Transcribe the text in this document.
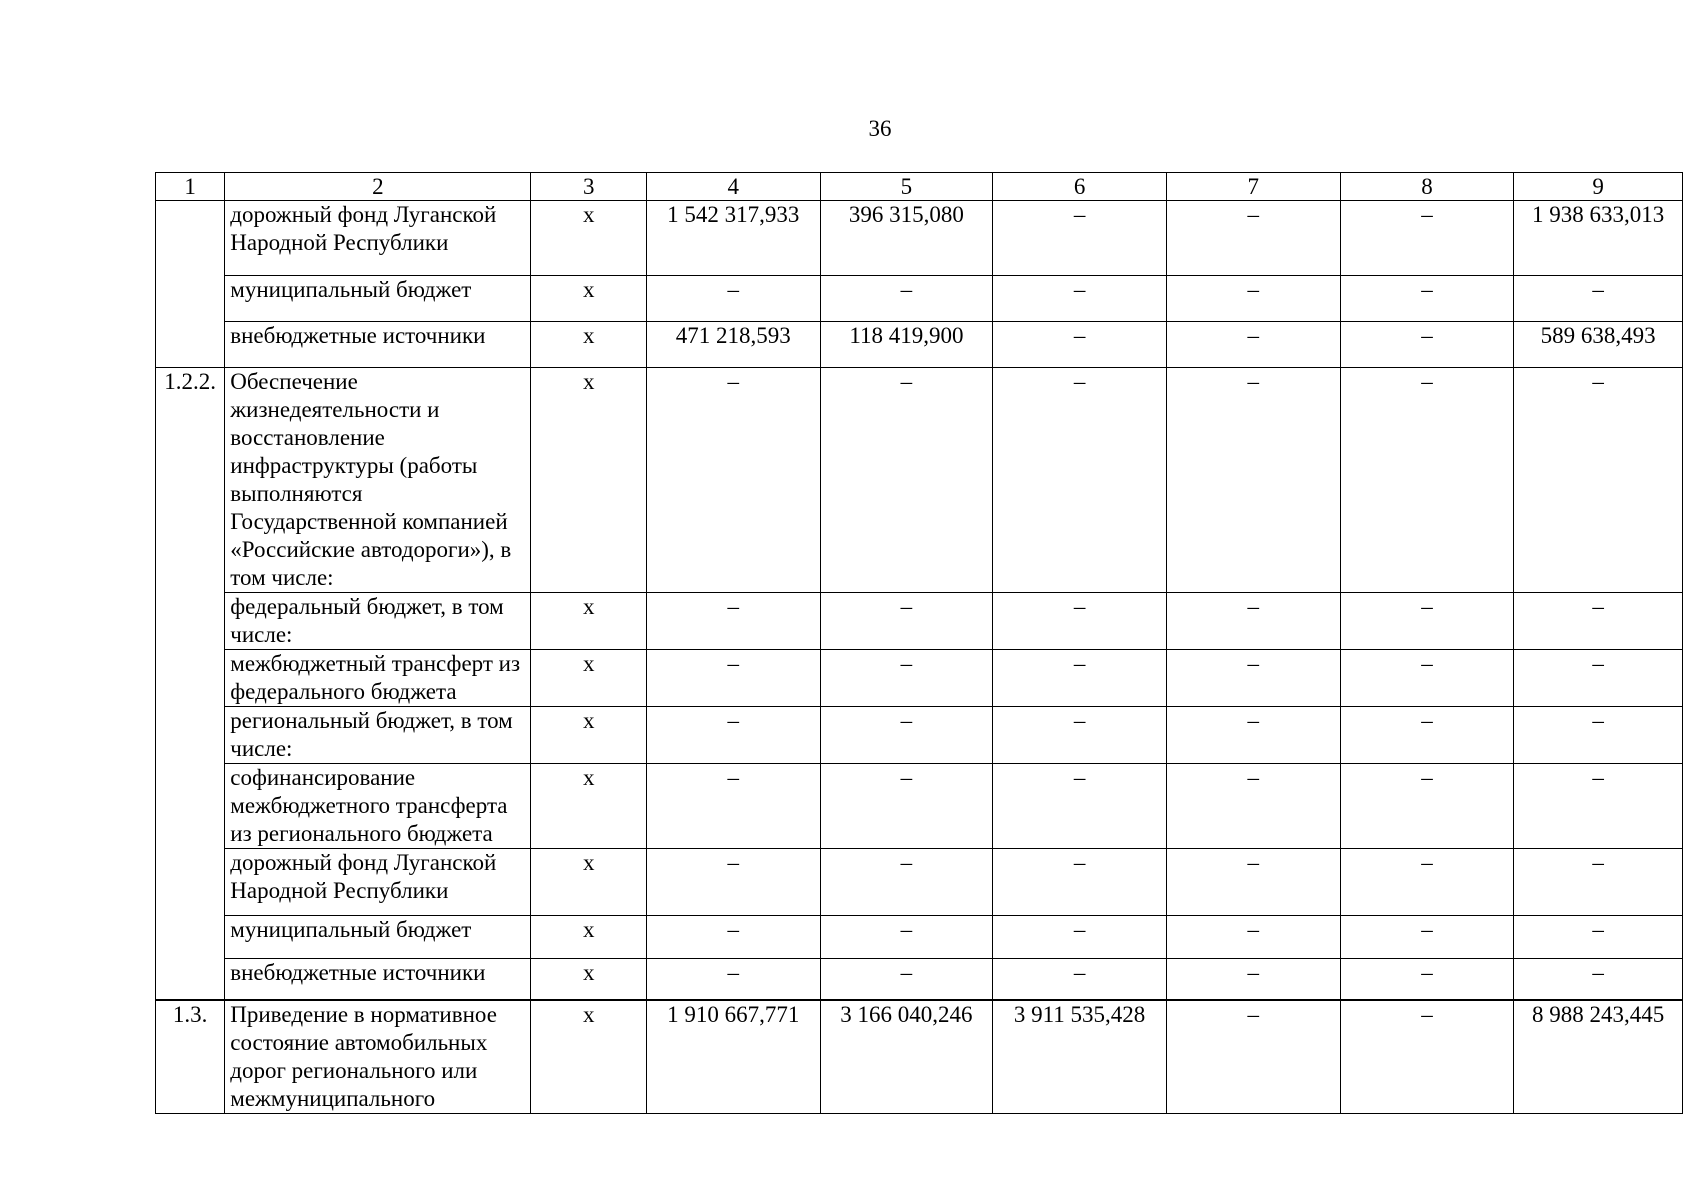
36
1	2	3	4	5	6	7	8	9
	дорожный фонд Луганской Народной Республики	х	1 542 317,933	396 315,080	–	–	–	1 938 633,013
	муниципальный бюджет	х	–	–	–	–	–	–
	внебюджетные источники	х	471 218,593	118 419,900	–	–	–	589 638,493
1.2.2.	Обеспечение жизнедеятельности и восстановление инфраструктуры (работы выполняются Государственной компанией «Российские автодороги»), в том числе:	х	–	–	–	–	–	–
	федеральный бюджет, в том числе:	х	–	–	–	–	–	–
	межбюджетный трансферт из федерального бюджета	х	–	–	–	–	–	–
	региональный бюджет, в том числе:	х	–	–	–	–	–	–
	софинансирование межбюджетного трансферта из регионального бюджета	х	–	–	–	–	–	–
	дорожный фонд Луганской Народной Республики	х	–	–	–	–	–	–
	муниципальный бюджет	х	–	–	–	–	–	–
	внебюджетные источники	х	–	–	–	–	–	–
1.3.	Приведение в нормативное состояние автомобильных дорог регионального или межмуниципального	х	1 910 667,771	3 166 040,246	3 911 535,428	–	–	8 988 243,445
